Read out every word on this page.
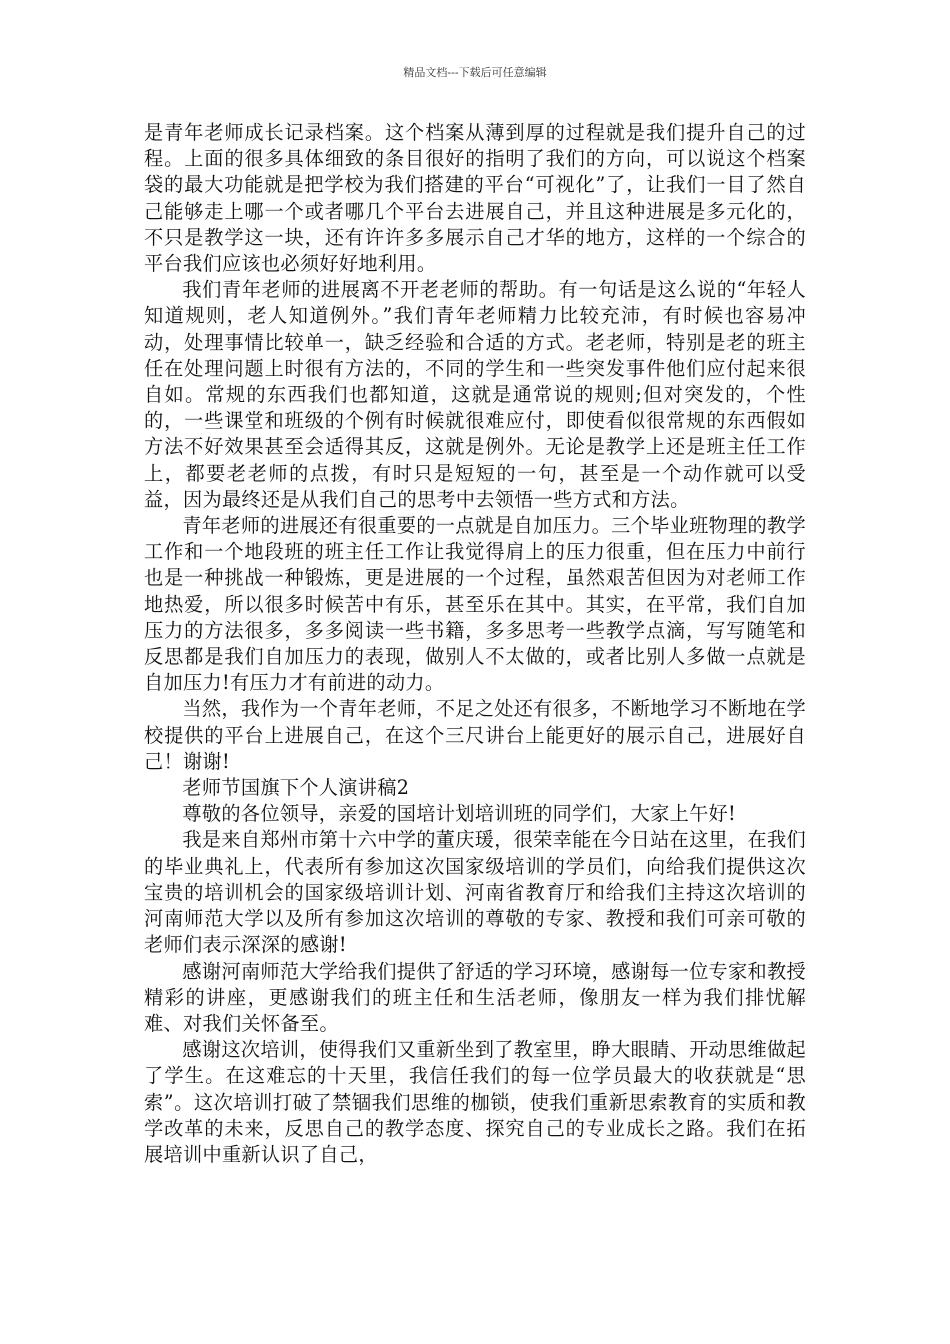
精品文档---下载后可任意编辑

是青年老师成长记录档案。这个档案从薄到厚的过程就是我们提升自己的过程。上面的很多具体细致的条目很好的指明了我们的方向，可以说这个档案袋的最大功能就是把学校为我们搭建的平台“可视化”了，让我们一目了然自己能够走上哪一个或者哪几个平台去进展自己，并且这种进展是多元化的，不只是教学这一块，还有许许多多展示自己才华的地方，这样的一个综合的平台我们应该也必须好好地利用。

我们青年老师的进展离不开老老师的帮助。有一句话是这么说的“年轻人知道规则，老人知道例外。”我们青年老师精力比较充沛，有时候也容易冲动，处理事情比较单一，缺乏经验和合适的方式。老老师，特别是老的班主任在处理问题上时很有方法的，不同的学生和一些突发事件他们应付起来很自如。常规的东西我们也都知道，这就是通常说的规则;但对突发的，个性的，一些课堂和班级的个例有时候就很难应付，即使看似很常规的东西假如方法不好效果甚至会适得其反，这就是例外。无论是教学上还是班主任工作上，都要老老师的点拨，有时只是短短的一句，甚至是一个动作就可以受益，因为最终还是从我们自己的思考中去领悟一些方式和方法。

青年老师的进展还有很重要的一点就是自加压力。三个毕业班物理的教学工作和一个地段班的班主任工作让我觉得肩上的压力很重，但在压力中前行也是一种挑战一种锻炼，更是进展的一个过程，虽然艰苦但因为对老师工作地热爱，所以很多时候苦中有乐，甚至乐在其中。其实，在平常，我们自加压力的方法很多，多多阅读一些书籍，多多思考一些教学点滴，写写随笔和反思都是我们自加压力的表现，做别人不太做的，或者比别人多做一点就是自加压力!有压力才有前进的动力。

当然，我作为一个青年老师，不足之处还有很多，不断地学习不断地在学校提供的平台上进展自己，在这个三尺讲台上能更好的展示自己，进展好自己！谢谢!

老师节国旗下个人演讲稿2

尊敬的各位领导，亲爱的国培计划培训班的同学们，大家上午好!

我是来自郑州市第十六中学的董庆瑗，很荣幸能在今日站在这里，在我们的毕业典礼上，代表所有参加这次国家级培训的学员们，向给我们提供这次宝贵的培训机会的国家级培训计划、河南省教育厅和给我们主持这次培训的河南师范大学以及所有参加这次培训的尊敬的专家、教授和我们可亲可敬的老师们表示深深的感谢!

感谢河南师范大学给我们提供了舒适的学习环境，感谢每一位专家和教授精彩的讲座，更感谢我们的班主任和生活老师，像朋友一样为我们排忧解难、对我们关怀备至。

感谢这次培训，使得我们又重新坐到了教室里，睁大眼睛、开动思维做起了学生。在这难忘的十天里，我信任我们的每一位学员最大的收获就是“思索”。这次培训打破了禁锢我们思维的枷锁，使我们重新思索教育的实质和教学改革的未来，反思自己的教学态度、探究自己的专业成长之路。我们在拓展培训中重新认识了自己，
